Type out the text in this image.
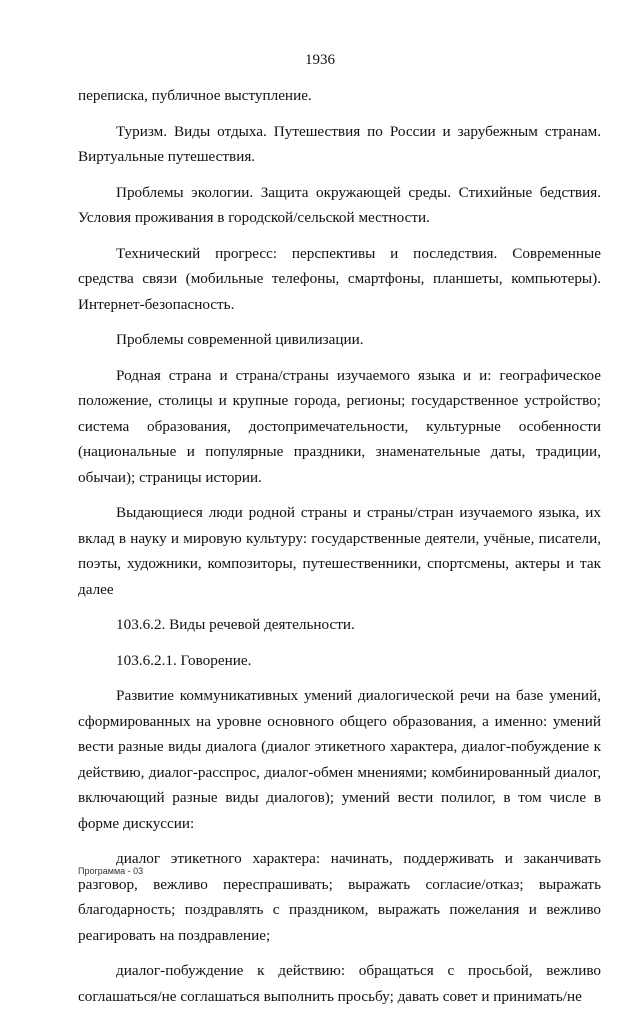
1936

переписка, публичное выступление.

Туризм. Виды отдыха. Путешествия по России и зарубежным странам. Виртуальные путешествия.

Проблемы экологии. Защита окружающей среды. Стихийные бедствия. Условия проживания в городской/сельской местности.

Технический прогресс: перспективы и последствия. Современные средства связи (мобильные телефоны, смартфоны, планшеты, компьютеры). Интернет-безопасность.

Проблемы современной цивилизации.

Родная страна и страна/страны изучаемого языка и и: географическое положение, столицы и крупные города, регионы; государственное устройство; система образования, достопримечательности, культурные особенности (национальные и популярные праздники, знаменательные даты, традиции, обычаи); страницы истории.

Выдающиеся люди родной страны и страны/стран изучаемого языка, их вклад в науку и мировую культуру: государственные деятели, учёные, писатели, поэты, художники, композиторы, путешественники, спортсмены, актеры и так далее

103.6.2. Виды речевой деятельности.

103.6.2.1. Говорение.

Развитие коммуникативных умений диалогической речи на базе умений, сформированных на уровне основного общего образования, а именно: умений вести разные виды диалога (диалог этикетного характера, диалог-побуждение к действию, диалог-расспрос, диалог-обмен мнениями; комбинированный диалог, включающий разные виды диалогов); умений вести полилог, в том числе в форме дискуссии:

диалог этикетного характера: начинать, поддерживать и заканчивать разговор, вежливо переспрашивать; выражать согласие/отказ; выражать благодарность; поздравлять с праздником, выражать пожелания и вежливо реагировать на поздравление;

диалог-побуждение к действию: обращаться с просьбой, вежливо соглашаться/не соглашаться выполнить просьбу; давать совет и принимать/не

Программа - 03
